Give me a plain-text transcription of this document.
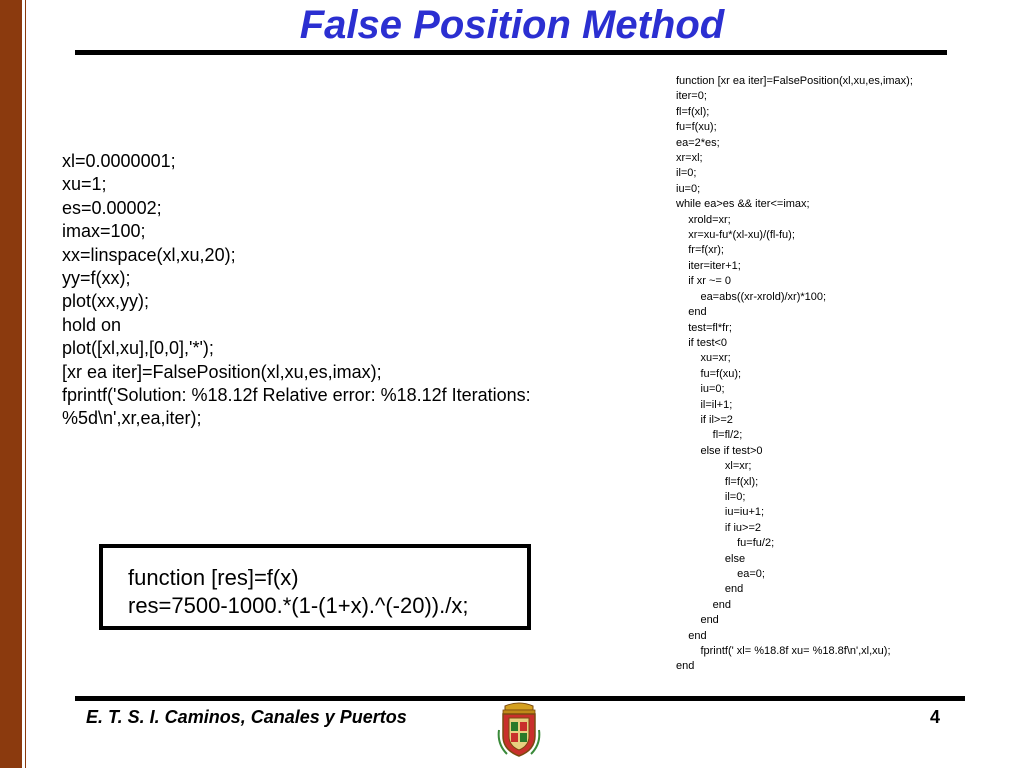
False Position Method
xl=0.0000001;
xu=1;
es=0.00002;
imax=100;
xx=linspace(xl,xu,20);
yy=f(xx);
plot(xx,yy);
hold on
plot([xl,xu],[0,0],'*');
[xr ea iter]=FalsePosition(xl,xu,es,imax);
fprintf('Solution: %18.12f Relative error: %18.12f Iterations:
%5d\n',xr,ea,iter);
function [res]=f(x)
res=7500-1000.*(1-(1+x).^(-20))./x;
function [xr ea iter]=FalsePosition(xl,xu,es,imax);
iter=0;
fl=f(xl);
fu=f(xu);
ea=2*es;
xr=xl;
il=0;
iu=0;
while ea>es && iter<=imax;
xrold=xr;
xr=xu-fu*(xl-xu)/(fl-fu);
fr=f(xr);
iter=iter+1;
if xr ~= 0
ea=abs((xr-xrold)/xr)*100;
end
test=fl*fr;
if test<0
xu=xr;
fu=f(xu);
iu=0;
il=il+1;
if il>=2
fl=fl/2;
else if test>0
xl=xr;
fl=f(xl);
il=0;
iu=iu+1;
if iu>=2
fu=fu/2;
else
ea=0;
end
end
end
end
fprintf(' xl= %18.8f xu= %18.8f\n',xl,xu);
end
E. T. S. I. Caminos, Canales y Puertos	4
